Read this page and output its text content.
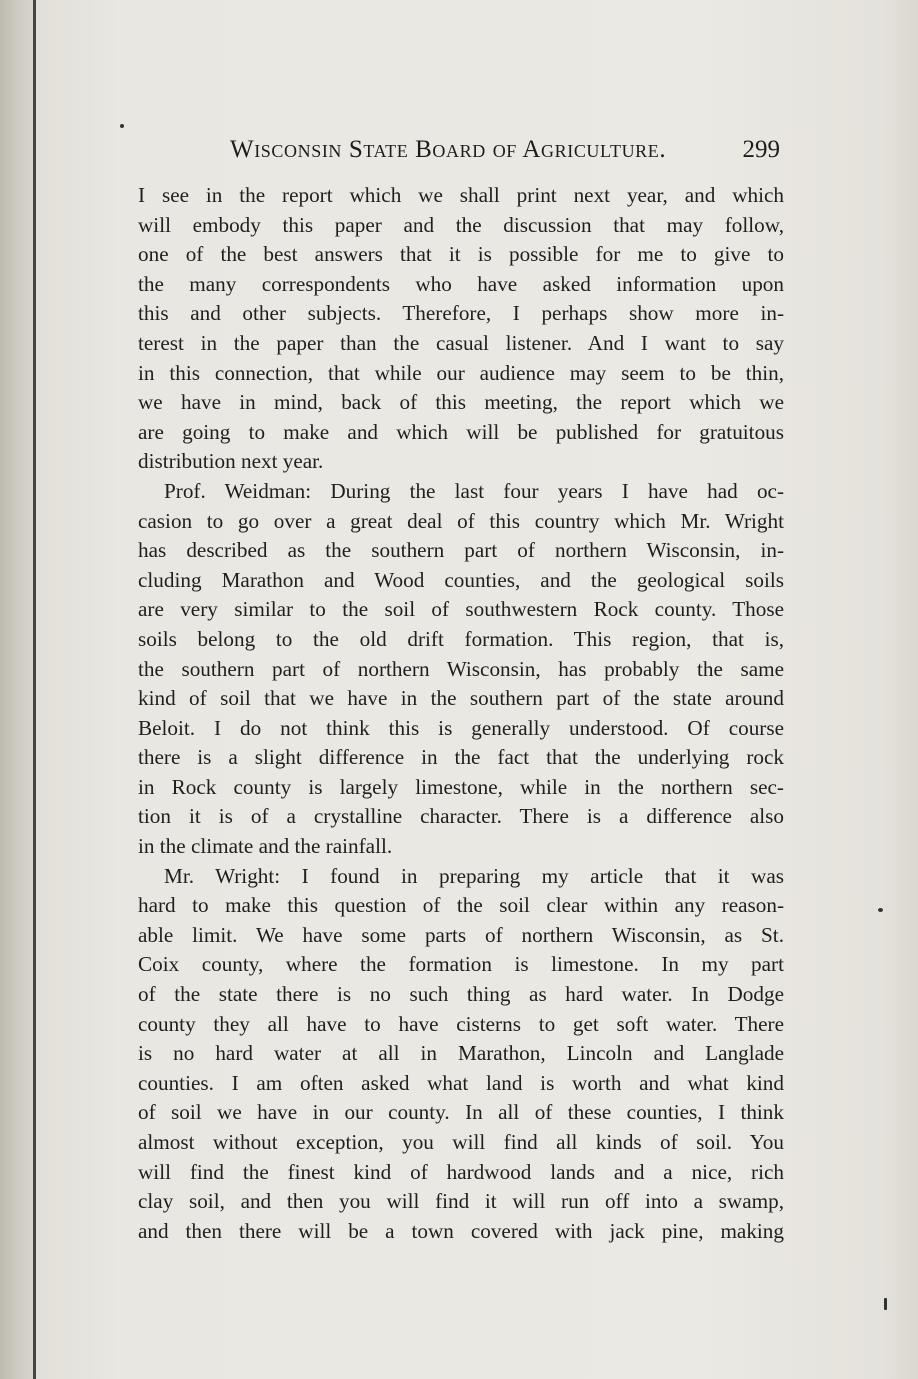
Wisconsin State Board of Agriculture.	299
I see in the report which we shall print next year, and which
will embody this paper and the discussion that may follow,
one of the best answers that it is possible for me to give to
the many correspondents who have asked information upon
this and other subjects. Therefore, I perhaps show more in-
terest in the paper than the casual listener. And I want to say
in this connection, that while our audience may seem to be thin,
we have in mind, back of this meeting, the report which we
are going to make and which will be published for gratuitous
distribution next year.
Prof. Weidman: During the last four years I have had oc-
casion to go over a great deal of this country which Mr. Wright
has described as the southern part of northern Wisconsin, in-
cluding Marathon and Wood counties, and the geological soils
are very similar to the soil of southwestern Rock county. Those
soils belong to the old drift formation. This region, that is,
the southern part of northern Wisconsin, has probably the same
kind of soil that we have in the southern part of the state around
Beloit. I do not think this is generally understood. Of course
there is a slight difference in the fact that the underlying rock
in Rock county is largely limestone, while in the northern sec-
tion it is of a crystalline character. There is a difference also
in the climate and the rainfall.
Mr. Wright: I found in preparing my article that it was
hard to make this question of the soil clear within any reason-
able limit. We have some parts of northern Wisconsin, as St.
Coix county, where the formation is limestone. In my part
of the state there is no such thing as hard water. In Dodge
county they all have to have cisterns to get soft water. There
is no hard water at all in Marathon, Lincoln and Langlade
counties. I am often asked what land is worth and what kind
of soil we have in our county. In all of these counties, I think
almost without exception, you will find all kinds of soil. You
will find the finest kind of hardwood lands and a nice, rich
clay soil, and then you will find it will run off into a swamp,
and then there will be a town covered with jack pine, making
